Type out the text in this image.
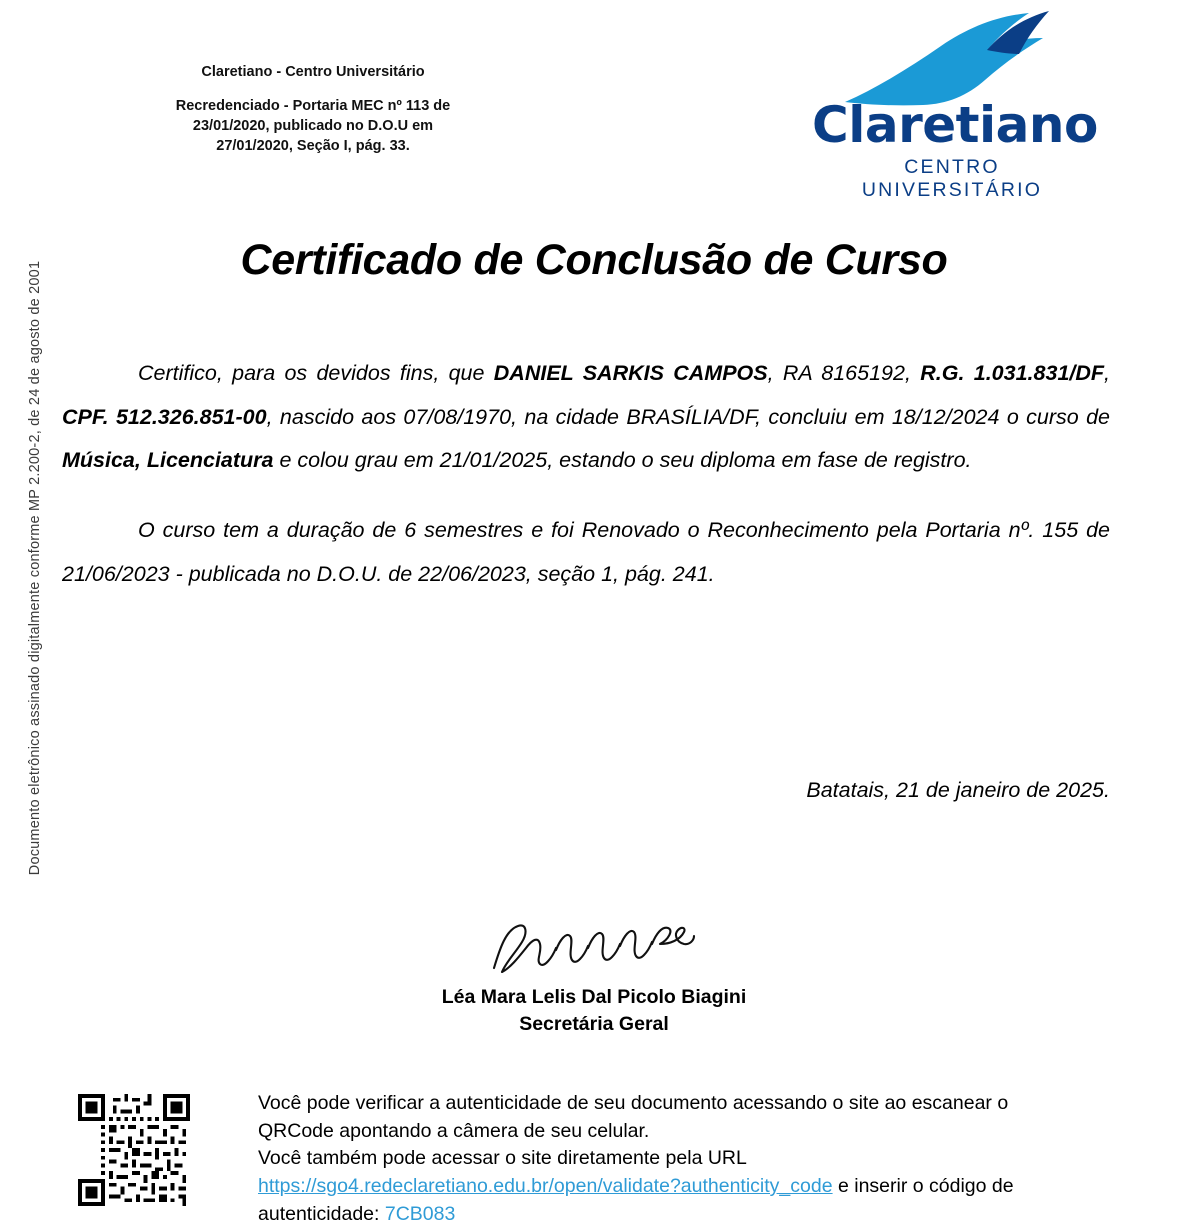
Documento eletrônico assinado digitalmente conforme MP 2.200-2, de 24 de agosto de 2001
Claretiano - Centro Universitário
Recredenciado - Portaria MEC nº 113 de
23/01/2020, publicado no D.O.U em
27/01/2020, Seção I, pág. 33.	Claretiano
CENTRO UNIVERSITÁRIO
Certificado de Conclusão de Curso

Certifico, para os devidos fins, que DANIEL SARKIS CAMPOS, RA 8165192, R.G. 1.031.831/DF, CPF. 512.326.851-00, nascido aos 07/08/1970, na cidade BRASÍLIA/DF, concluiu em 18/12/2024 o curso de Música, Licenciatura e colou grau em 21/01/2025, estando o seu diploma em fase de registro.

O curso tem a duração de 6 semestres e foi Renovado o Reconhecimento pela Portaria nº. 155 de 21/06/2023 - publicada no D.O.U. de 22/06/2023, seção 1, pág. 241.

Batatais, 21 de janeiro de 2025.
Léa Mara Lelis Dal Picolo Biagini
Secretária Geral
Você pode verificar a autenticidade de seu documento acessando o site ao escanear o
QRCode apontando a câmera de seu celular.
Você também pode acessar o site diretamente pela URL
https://sgo4.redeclaretiano.edu.br/open/validate?authenticity_code e inserir o código de
autenticidade: 7CB083
